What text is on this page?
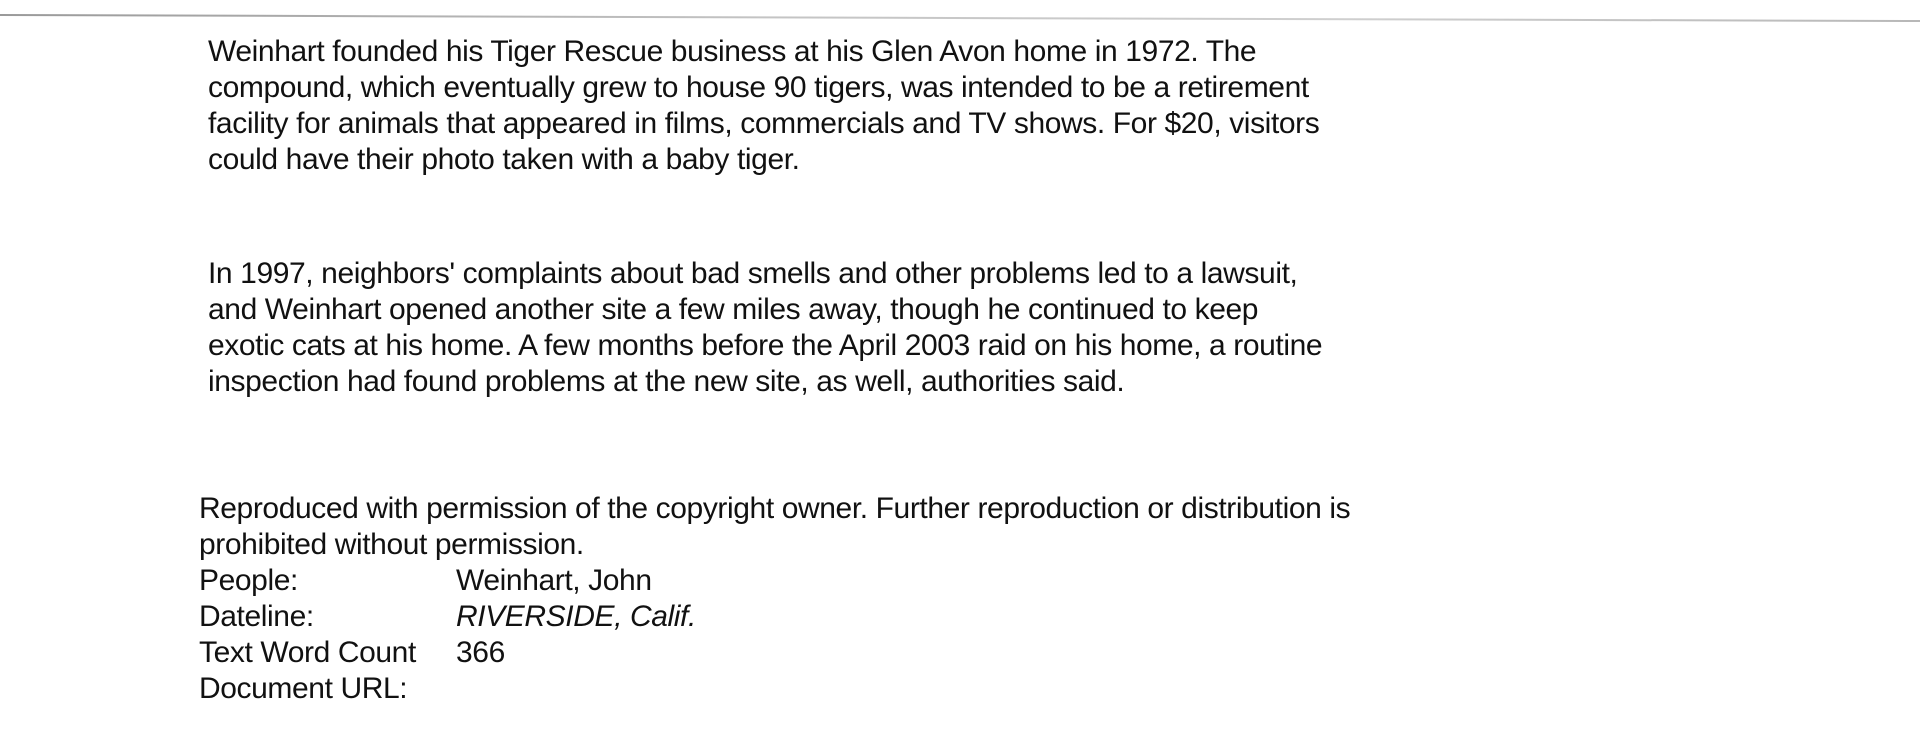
Weinhart founded his Tiger Rescue business at his Glen Avon home in 1972. The compound, which eventually grew to house 90 tigers, was intended to be a retirement facility for animals that appeared in films, commercials and TV shows. For $20, visitors could have their photo taken with a baby tiger.

In 1997, neighbors' complaints about bad smells and other problems led to a lawsuit, and Weinhart opened another site a few miles away, though he continued to keep exotic cats at his home. A few months before the April 2003 raid on his home, a routine inspection had found problems at the new site, as well, authorities said.

Reproduced with permission of the copyright owner. Further reproduction or distribution is prohibited without permission.

People:	Weinhart, John
Dateline:	RIVERSIDE, Calif.
Text Word Count	366
Document URL:
